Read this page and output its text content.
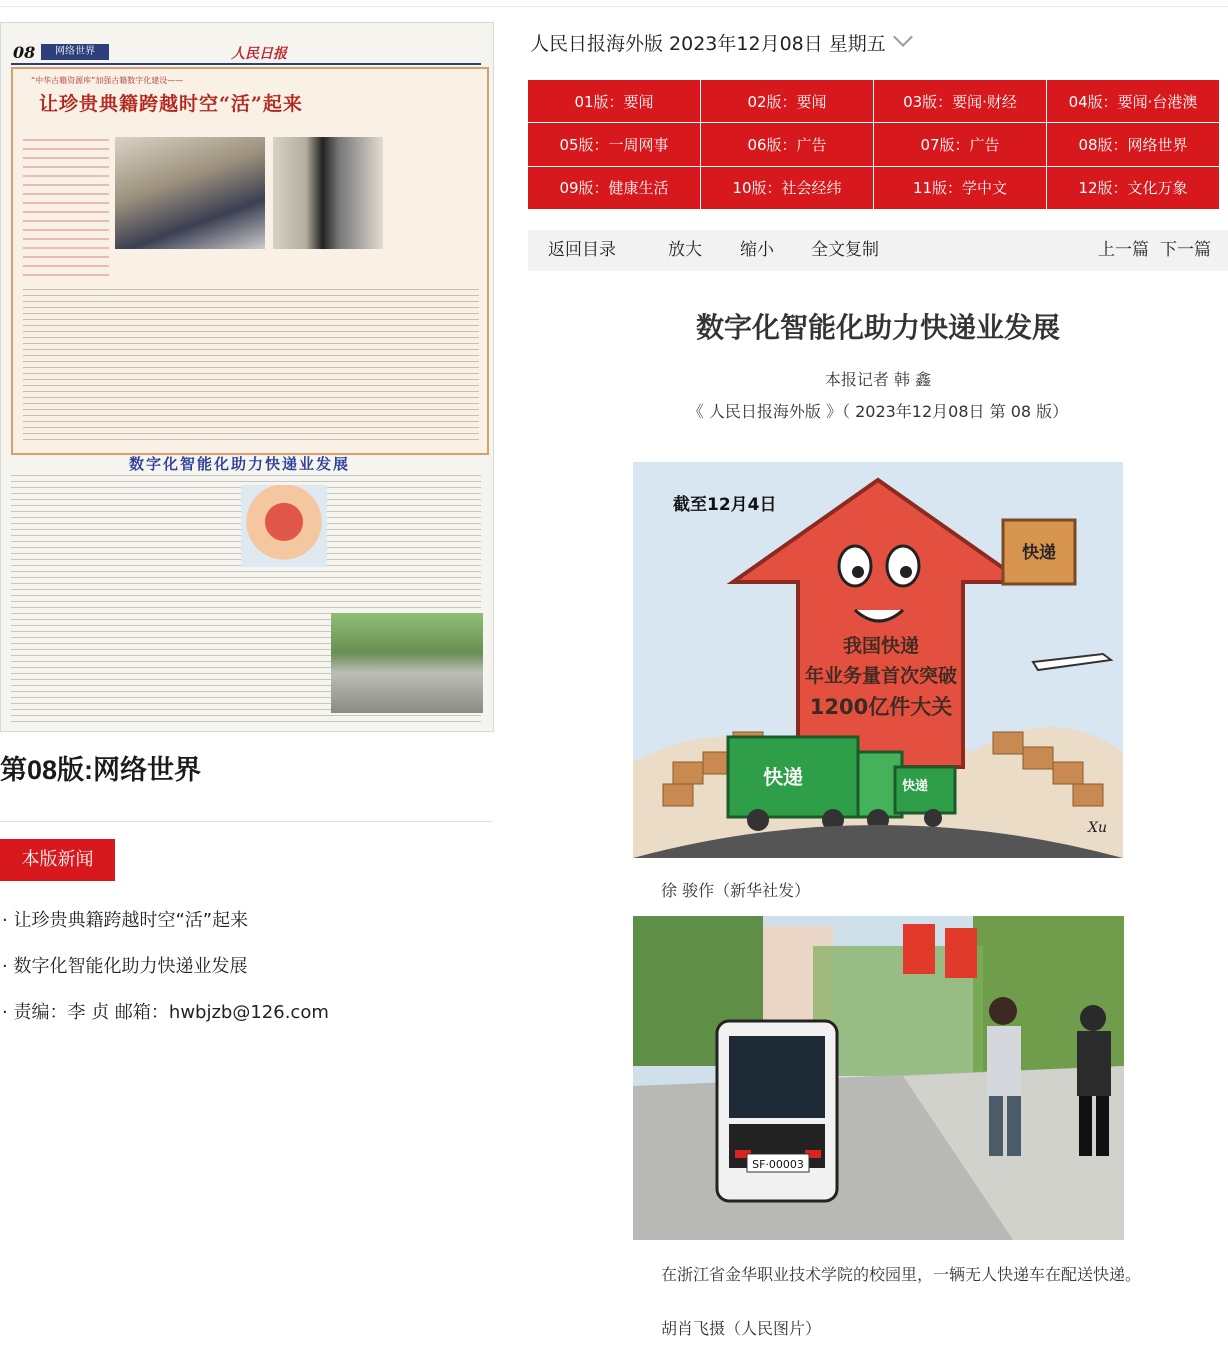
08	网络世界	人民日报
“中华古籍资源库”加强古籍数字化建设——
让珍贵典籍跨越时空“活”起来
数字化智能化助力快递业发展
第08版:网络世界
本版新闻
· 让珍贵典籍跨越时空“活”起来
· 数字化智能化助力快递业发展
· 责编：李 贞 邮箱：hwbjzb@126.com
人民日报海外版 2023年12月08日 星期五
01版：要闻	02版：要闻	03版：要闻·财经	04版：要闻·台港澳
05版：一周网事	06版：广告	07版：广告	08版：网络世界
09版：健康生活	10版：社会经纬	11版：学中文	12版：文化万象
返回目录	放大 缩小 全文复制	上一篇 下一篇
数字化智能化助力快递业发展
本报记者 韩 鑫
《 人民日报海外版 》（ 2023年12月08日 第 08 版）
截至12月4日
我国快递
年业务量首次突破
1200亿件大关
快递
快递	快递
Xu
徐 骏作（新华社发）
SF·00003
在浙江省金华职业技术学院的校园里，一辆无人快递车在配送快递。
胡肖飞摄（人民图片）
